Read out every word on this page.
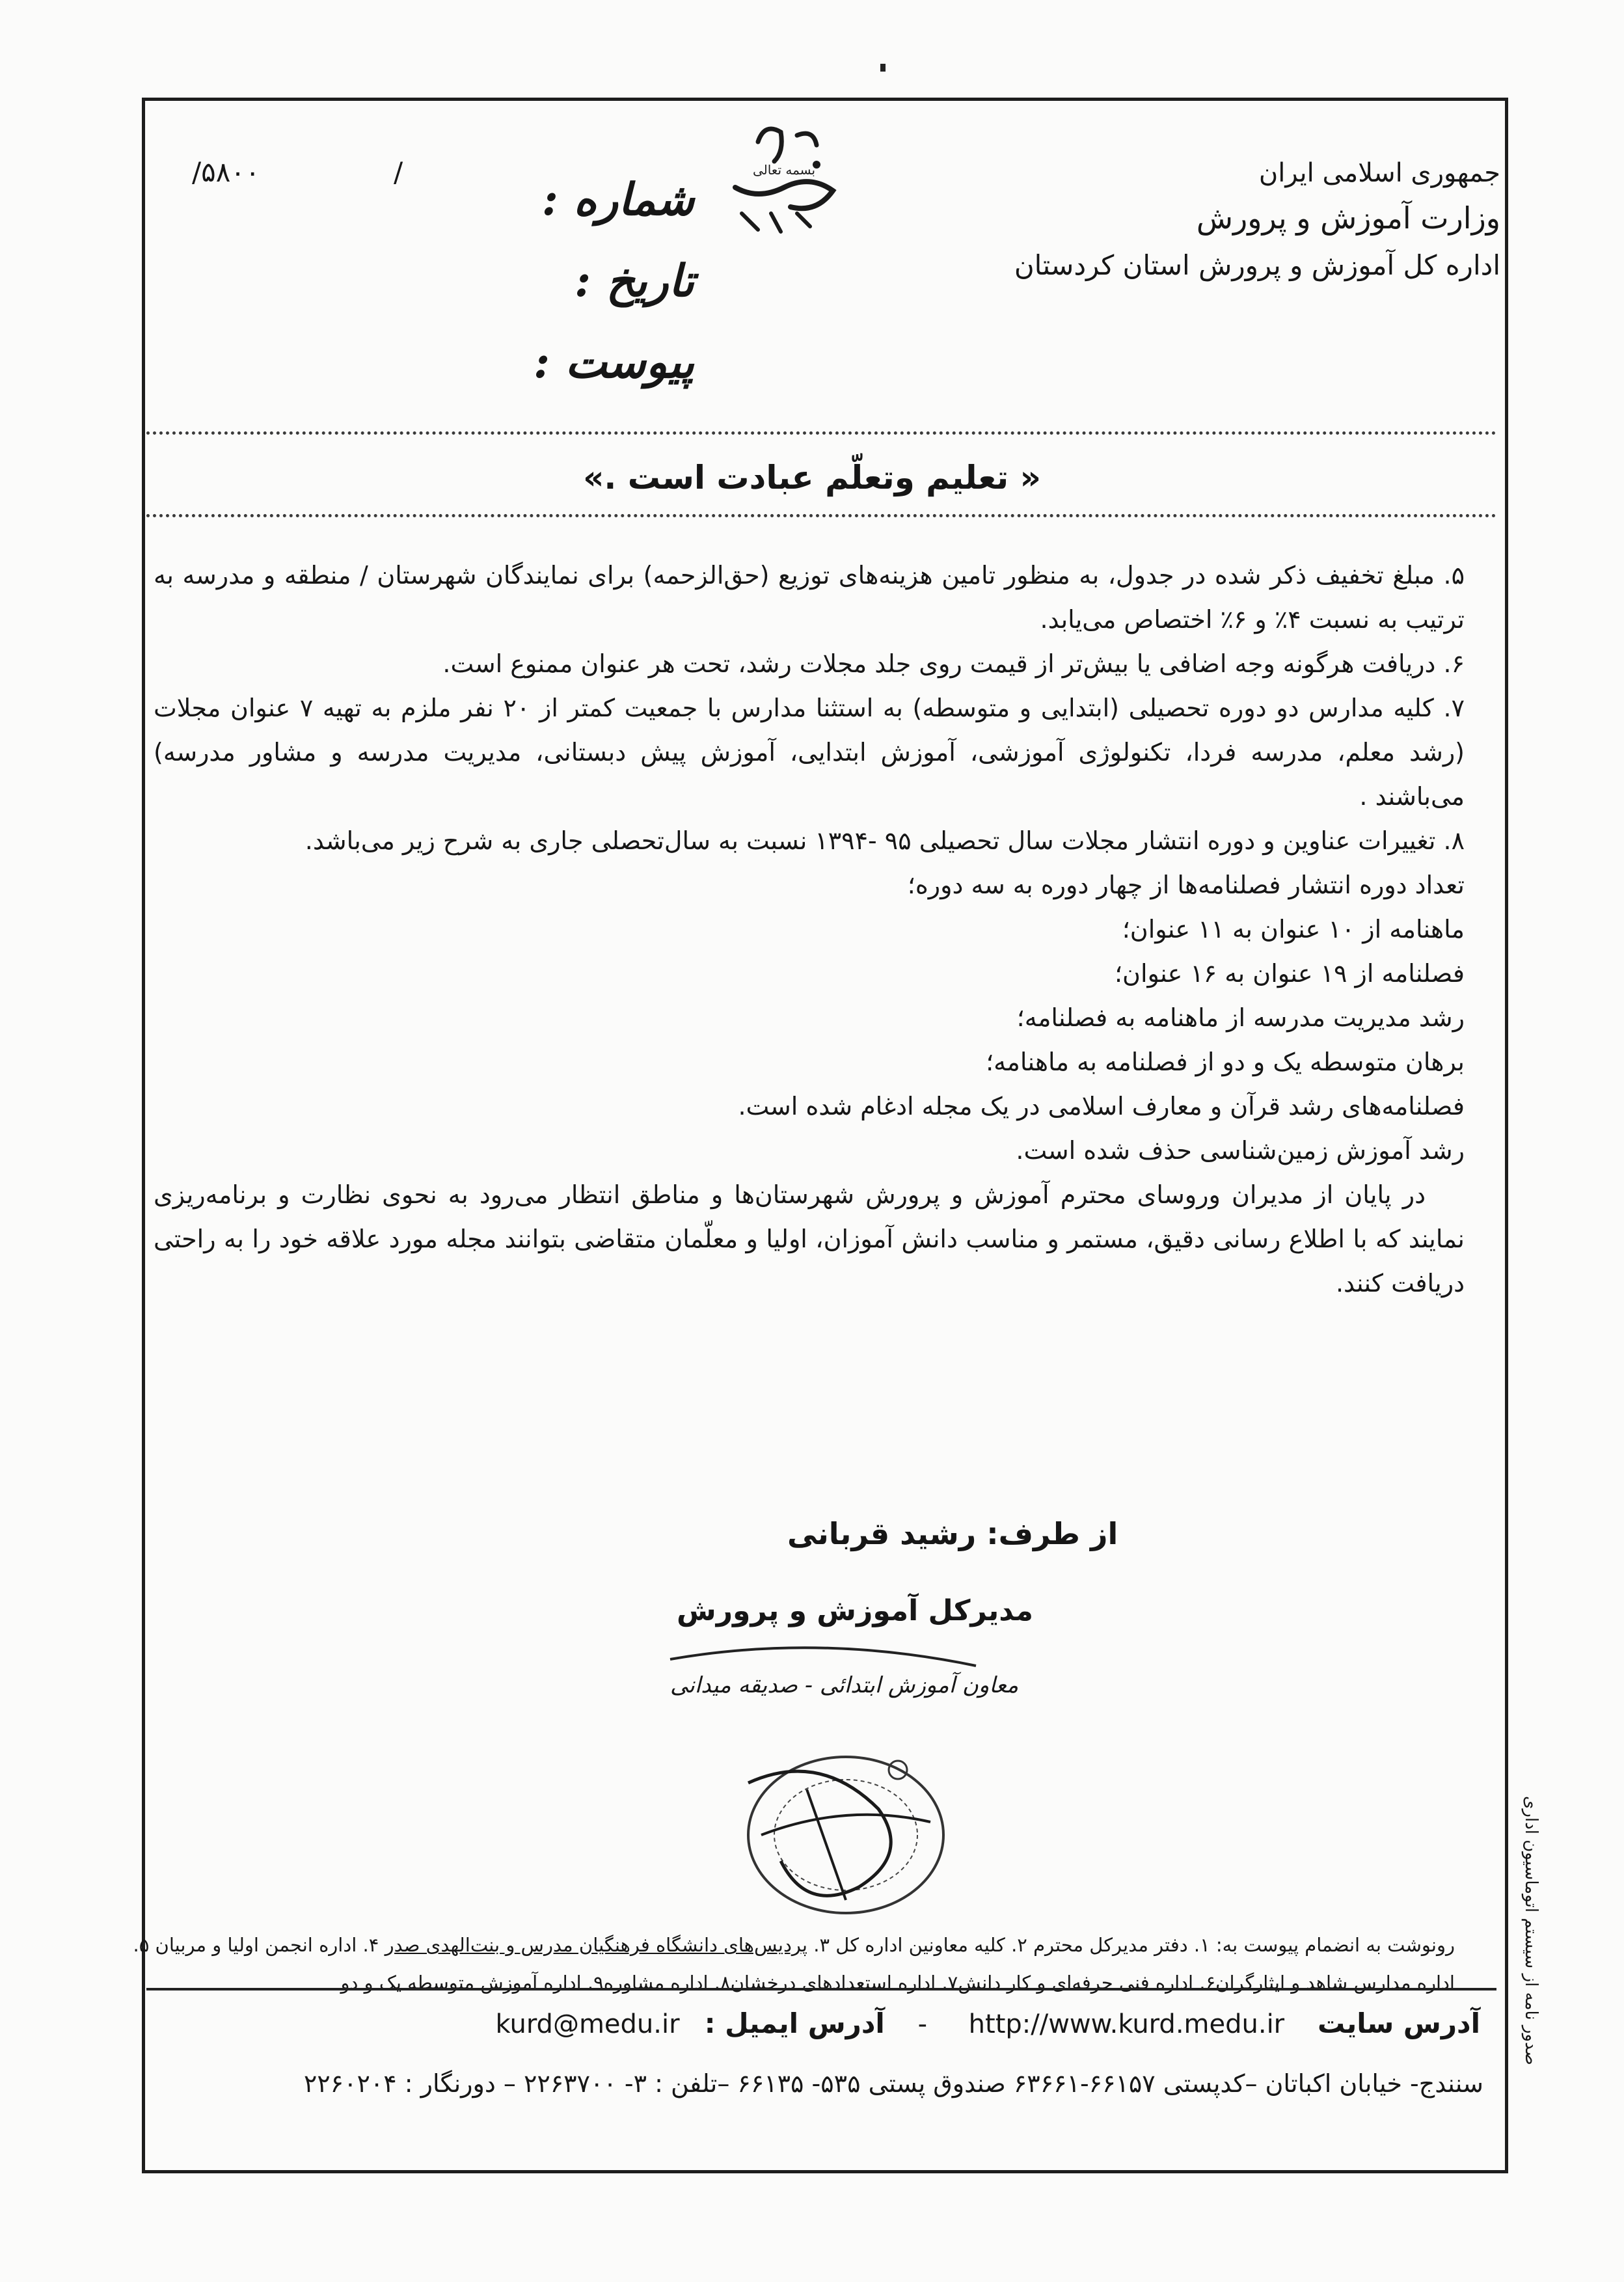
جمهوری اسلامی ایران
وزارت آموزش و پرورش
اداره کل آموزش و پرورش استان کردستان
بسمه تعالی
شماره :
تاریخ :
پیوست :
/۵۸۰۰	/
« تعلیم وتعلّم عبادت است .»

۵. مبلغ تخفیف ذکر شده در جدول، به منظور تامین هزینه‌های توزیع (حق‌الزحمه) برای نمایندگان شهرستان / منطقه و مدرسه به ترتیب به نسبت ۴٪ و ۶٪ اختصاص می‌یابد.

۶. دریافت هرگونه وجه اضافی یا بیش‌تر از قیمت روی جلد مجلات رشد، تحت هر عنوان ممنوع است.

۷. کلیه مدارس دو دوره تحصیلی (ابتدایی و متوسطه) به استثنا مدارس با جمعیت کمتر از ۲۰ نفر ملزم به تهیه ۷ عنوان مجلات (رشد معلم، مدرسه فردا، تکنولوژی آموزشی، آموزش ابتدایی، آموزش پیش دبستانی، مدیریت مدرسه و مشاور مدرسه) می‌باشند .

۸. تغییرات عناوین و دوره انتشار مجلات سال تحصیلی ۹۵ -۱۳۹۴ نسبت به سال‌تحصلی جاری به شرح زیر می‌باشد.

تعداد دوره انتشار فصلنامه‌ها از چهار دوره به سه دوره؛

ماهنامه از ۱۰ عنوان به ۱۱ عنوان؛

فصلنامه از ۱۹ عنوان به ۱۶ عنوان؛

رشد مدیریت مدرسه از ماهنامه به فصلنامه؛

برهان متوسطه یک و دو از فصلنامه به ماهنامه؛

فصلنامه‌های رشد قرآن و معارف اسلامی در یک مجله ادغام شده است.

رشد آموزش زمین‌شناسی حذف شده است.

در پایان از مدیران وروسای محترم آموزش و پرورش شهرستان‌ها و مناطق انتظار می‌رود به نحوی نظارت و برنامه‌ریزی نمایند که با اطلاع رسانی دقیق، مستمر و مناسب دانش آموزان، اولیا و معلّمان متقاضی بتوانند مجله مورد علاقه خود را به راحتی دریافت کنند.

از طرف: رشید قربانی
مدیرکل آموزش و پرورش
معاون آموزش ابتدائی - صدیقه میدانی
رونوشت به انضمام پیوست به: ۱. دفتر مدیرکل محترم ۲. کلیه معاونین اداره کل ۳. پردیس‌های دانشگاه فرهنگیان مدرس و بنت‌الهدی صدر ۴. اداره انجمن اولیا و مربیان ۵.
اداره مدارس شاهد و ایثارگران۶. اداره فنی حرفه‌ای و کار دانش۷. اداره استعدادهای درخشان۸. اداره مشاوره۹. اداره آموزش متوسطه یک و دو
آدرس سایت    http://www.kurd.medu.ir     -    آدرس ایمیل :   kurd@medu.ir
سنندج- خیابان اکباتان –کدپستی ۶۶۱۵۷-۶۳۶۶۱ صندوق پستی ۵۳۵- ۶۶۱۳۵ –تلفن : ۳- ۲۲۶۳۷۰۰ – دورنگار : ۲۲۶۰۲۰۴
صدور نامه از سیستم اتوماسیون اداری
